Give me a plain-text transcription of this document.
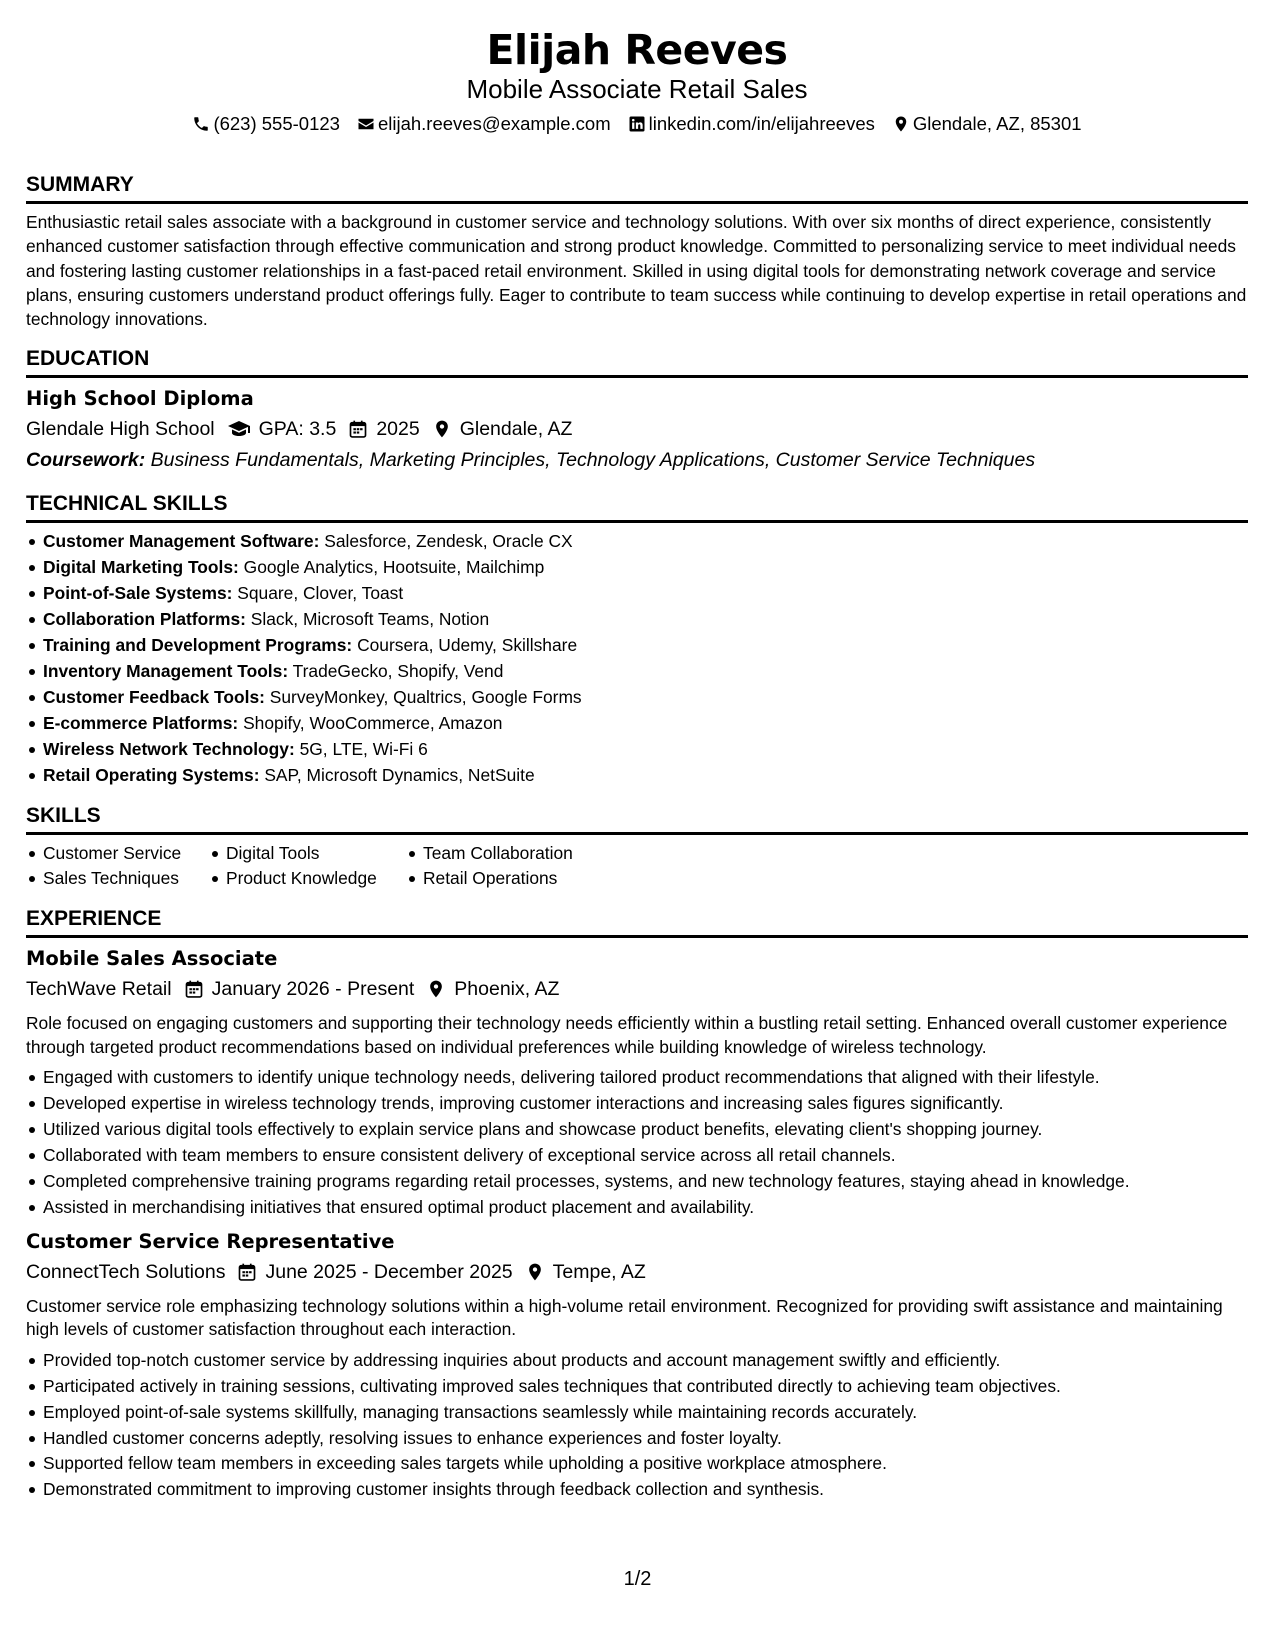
Elijah Reeves
Mobile Associate Retail Sales
(623) 555-0123 elijah.reeves@example.com linkedin.com/in/elijahreeves Glendale, AZ, 85301
SUMMARY
Enthusiastic retail sales associate with a background in customer service and technology solutions. With over six months of direct experience, consistently enhanced customer satisfaction through effective communication and strong product knowledge. Committed to personalizing service to meet individual needs and fostering lasting customer relationships in a fast-paced retail environment. Skilled in using digital tools for demonstrating network coverage and service plans, ensuring customers understand product offerings fully. Eager to contribute to team success while continuing to develop expertise in retail operations and technology innovations.
EDUCATION
High School Diploma
Glendale High School GPA: 3.5 2025 Glendale, AZ
Coursework: Business Fundamentals, Marketing Principles, Technology Applications, Customer Service Techniques
TECHNICAL SKILLS
Customer Management Software: Salesforce, Zendesk, Oracle CX
Digital Marketing Tools: Google Analytics, Hootsuite, Mailchimp
Point-of-Sale Systems: Square, Clover, Toast
Collaboration Platforms: Slack, Microsoft Teams, Notion
Training and Development Programs: Coursera, Udemy, Skillshare
Inventory Management Tools: TradeGecko, Shopify, Vend
Customer Feedback Tools: SurveyMonkey, Qualtrics, Google Forms
E-commerce Platforms: Shopify, WooCommerce, Amazon
Wireless Network Technology: 5G, LTE, Wi-Fi 6
Retail Operating Systems: SAP, Microsoft Dynamics, NetSuite
SKILLS
Customer Service
Sales Techniques
Digital Tools
Product Knowledge
Team Collaboration
Retail Operations
EXPERIENCE
Mobile Sales Associate
TechWave Retail January 2026 - Present Phoenix, AZ
Role focused on engaging customers and supporting their technology needs efficiently within a bustling retail setting. Enhanced overall customer experience through targeted product recommendations based on individual preferences while building knowledge of wireless technology.
Engaged with customers to identify unique technology needs, delivering tailored product recommendations that aligned with their lifestyle.
Developed expertise in wireless technology trends, improving customer interactions and increasing sales figures significantly.
Utilized various digital tools effectively to explain service plans and showcase product benefits, elevating client's shopping journey.
Collaborated with team members to ensure consistent delivery of exceptional service across all retail channels.
Completed comprehensive training programs regarding retail processes, systems, and new technology features, staying ahead in knowledge.
Assisted in merchandising initiatives that ensured optimal product placement and availability.
Customer Service Representative
ConnectTech Solutions June 2025 - December 2025 Tempe, AZ
Customer service role emphasizing technology solutions within a high-volume retail environment. Recognized for providing swift assistance and maintaining high levels of customer satisfaction throughout each interaction.
Provided top-notch customer service by addressing inquiries about products and account management swiftly and efficiently.
Participated actively in training sessions, cultivating improved sales techniques that contributed directly to achieving team objectives.
Employed point-of-sale systems skillfully, managing transactions seamlessly while maintaining records accurately.
Handled customer concerns adeptly, resolving issues to enhance experiences and foster loyalty.
Supported fellow team members in exceeding sales targets while upholding a positive workplace atmosphere.
Demonstrated commitment to improving customer insights through feedback collection and synthesis.
1/2
